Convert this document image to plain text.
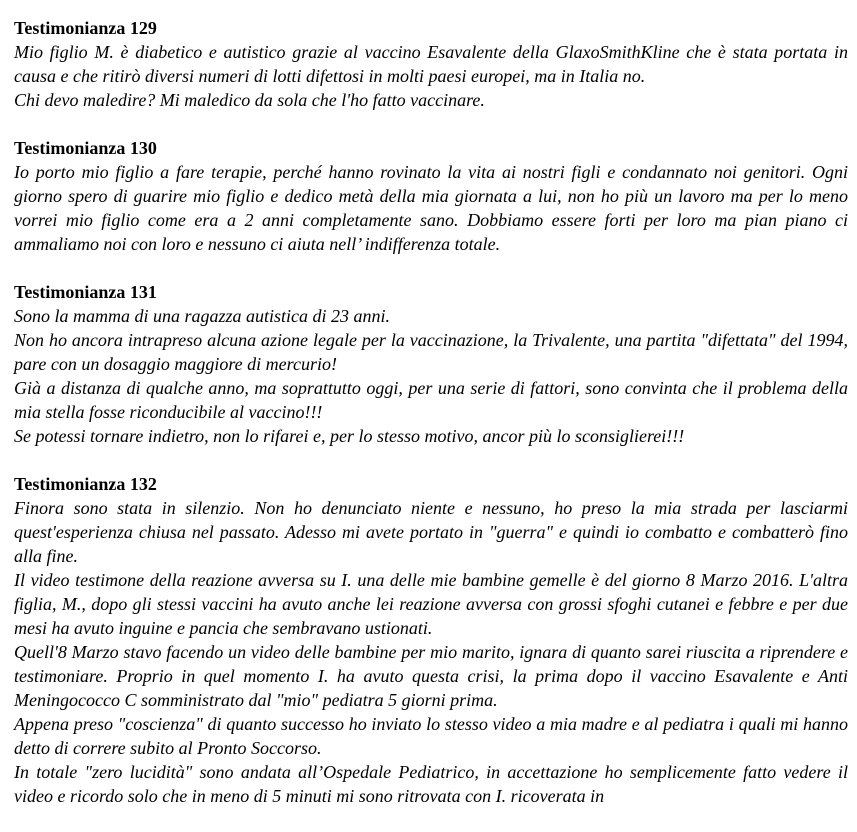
Testimonianza 129

Mio figlio M. è diabetico e autistico grazie al vaccino Esavalente della GlaxoSmithKline che è stata portata in causa e che ritirò diversi numeri di lotti difettosi in molti paesi europei, ma in Italia no.

Chi devo maledire? Mi maledico da sola che l'ho fatto vaccinare.

Testimonianza 130

Io porto mio figlio a fare terapie, perché hanno rovinato la vita ai nostri figli e condannato noi genitori. Ogni giorno spero di guarire mio figlio e dedico metà della mia giornata a lui, non ho più un lavoro ma per lo meno vorrei mio figlio come era a 2 anni completamente sano. Dobbiamo essere forti per loro ma pian piano ci ammaliamo noi con loro e nessuno ci aiuta nell’ indifferenza totale.

Testimonianza 131

Sono la mamma di una ragazza autistica di 23 anni.

Non ho ancora intrapreso alcuna azione legale per la vaccinazione, la Trivalente, una partita "difettata" del 1994, pare con un dosaggio maggiore di mercurio!

Già a distanza di qualche anno, ma soprattutto oggi, per una serie di fattori, sono convinta che il problema della mia stella fosse riconducibile al vaccino!!!

Se potessi tornare indietro, non lo rifarei e, per lo stesso motivo, ancor più lo sconsiglierei!!!

Testimonianza 132

Finora sono stata in silenzio. Non ho denunciato niente e nessuno, ho preso la mia strada per lasciarmi quest'esperienza chiusa nel passato. Adesso mi avete portato in "guerra" e quindi io combatto e combatterò fino alla fine.

Il video testimone della reazione avversa su I. una delle mie bambine gemelle è del giorno 8 Marzo 2016. L'altra figlia, M., dopo gli stessi vaccini ha avuto anche lei reazione avversa con grossi sfoghi cutanei e febbre e per due mesi ha avuto inguine e pancia che sembravano ustionati.

Quell'8 Marzo stavo facendo un video delle bambine per mio marito, ignara di quanto sarei riuscita a riprendere e testimoniare. Proprio in quel momento I. ha avuto questa crisi, la prima dopo il vaccino Esavalente e Anti Meningococco C somministrato dal "mio" pediatra 5 giorni prima.

Appena preso "coscienza" di quanto successo ho inviato lo stesso video a mia madre e al pediatra i quali mi hanno detto di correre subito al Pronto Soccorso.

In totale "zero lucidità" sono andata all’Ospedale Pediatrico, in accettazione ho semplicemente fatto vedere il video e ricordo solo che in meno di 5 minuti mi sono ritrovata con I. ricoverata in
